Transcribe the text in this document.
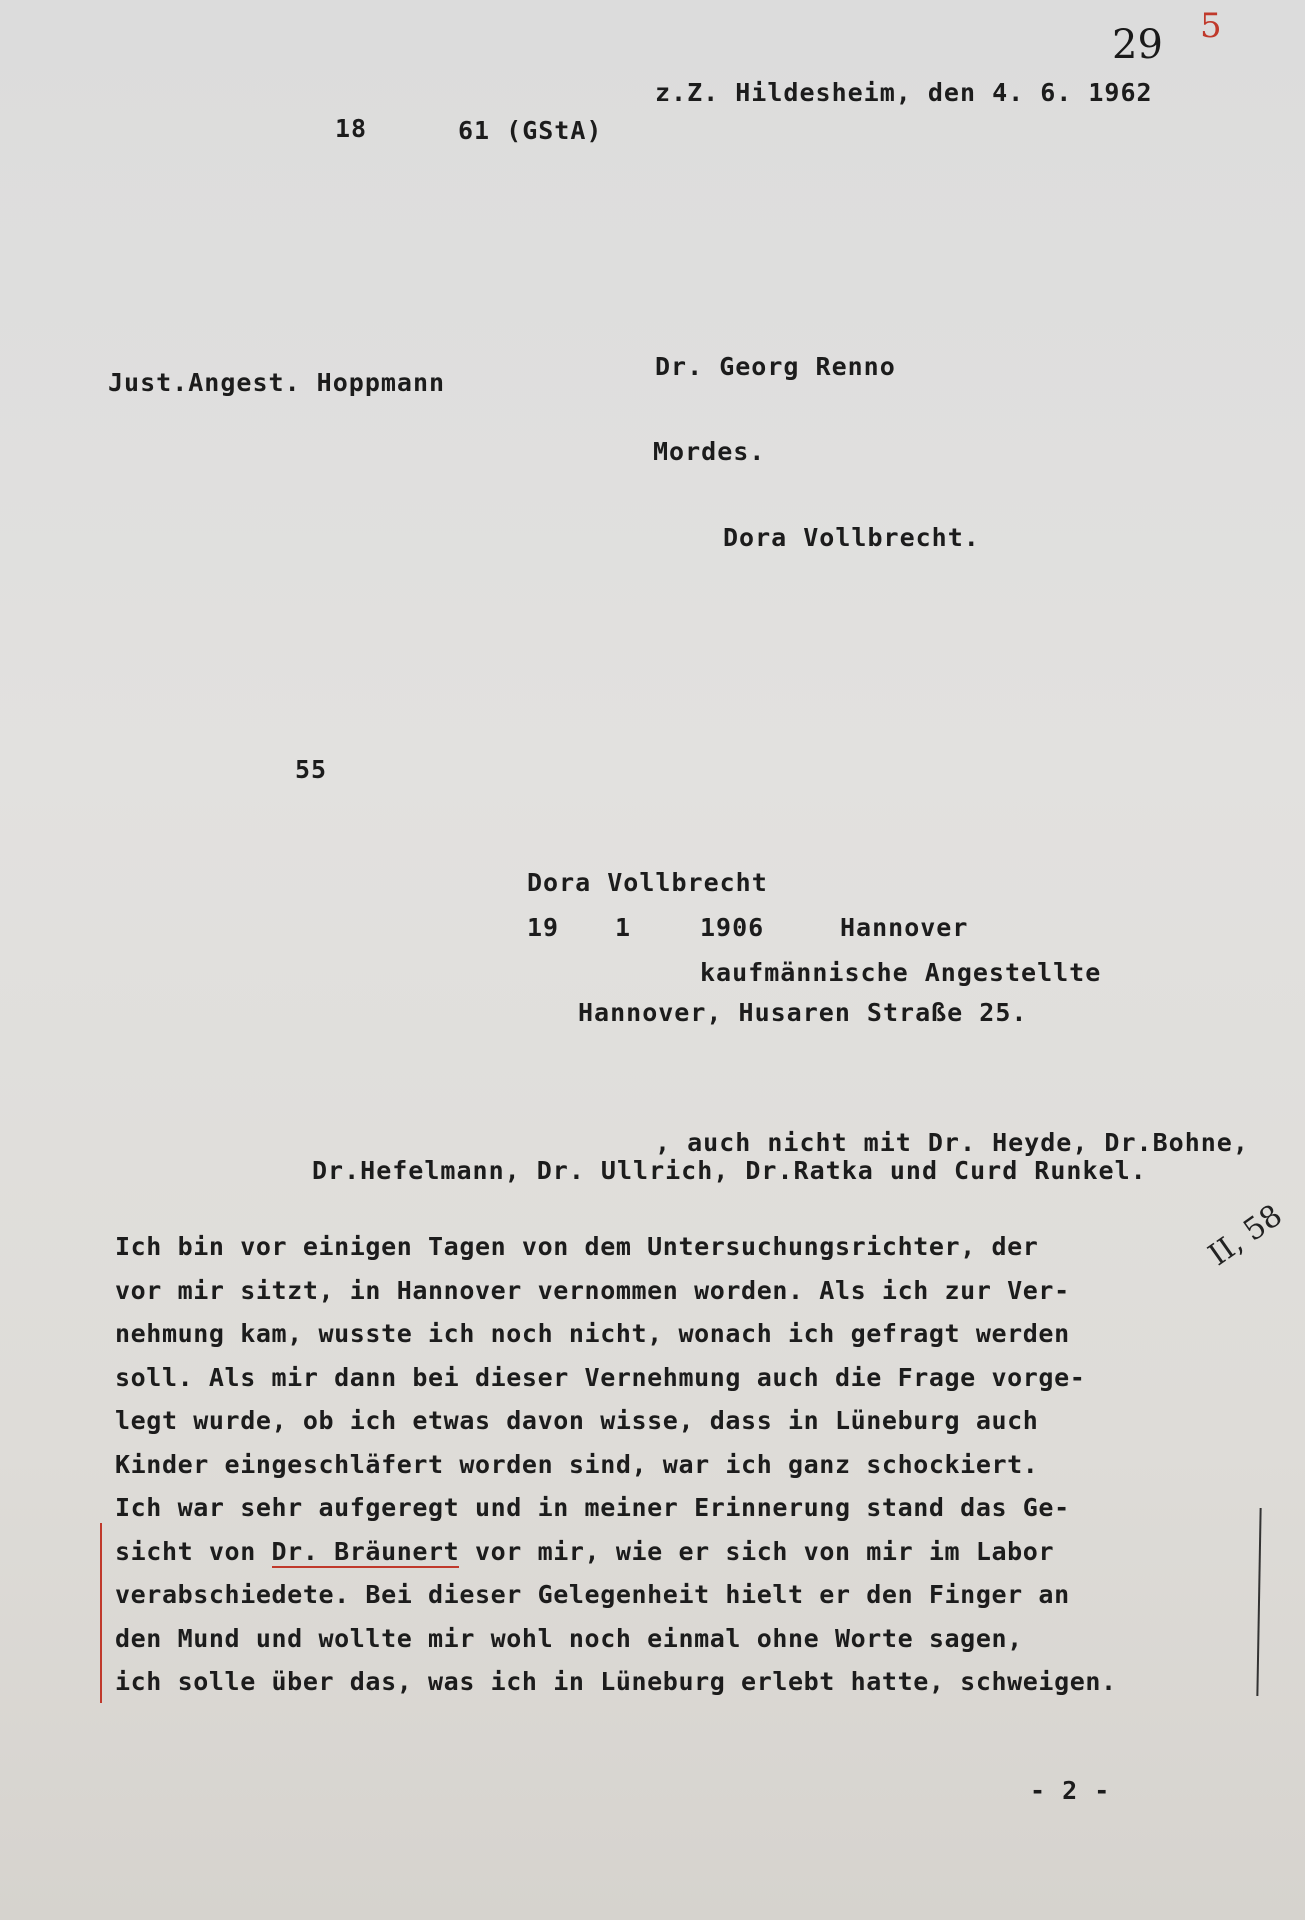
29 5
z.Z. Hildesheim, den 4. 6. 1962
18	61 (GStA)
Just.Angest. Hoppmann
Dr. Georg Renno
Mordes.
Dora Vollbrecht.
55
Dora Vollbrecht
19 1	1906	Hannover
kaufmännische Angestellte
Hannover, Husaren Straße 25.
, auch nicht mit Dr. Heyde, Dr.Bohne,
Dr.Hefelmann, Dr. Ullrich, Dr.Ratka und Curd Runkel.
II, 58
Ich bin vor einigen Tagen von dem Untersuchungsrichter, der
vor mir sitzt, in Hannover vernommen worden. Als ich zur Ver-
nehmung kam, wusste ich noch nicht, wonach ich gefragt werden
soll. Als mir dann bei dieser Vernehmung auch die Frage vorge-
legt wurde, ob ich etwas davon wisse, dass in Lüneburg auch
Kinder eingeschläfert worden sind, war ich ganz schockiert.
Ich war sehr aufgeregt und in meiner Erinnerung stand das Ge-
sicht von Dr. Bräunert vor mir, wie er sich von mir im Labor
verabschiedete. Bei dieser Gelegenheit hielt er den Finger an
den Mund und wollte mir wohl noch einmal ohne Worte sagen,
ich solle über das, was ich in Lüneburg erlebt hatte, schweigen.
- 2 -
